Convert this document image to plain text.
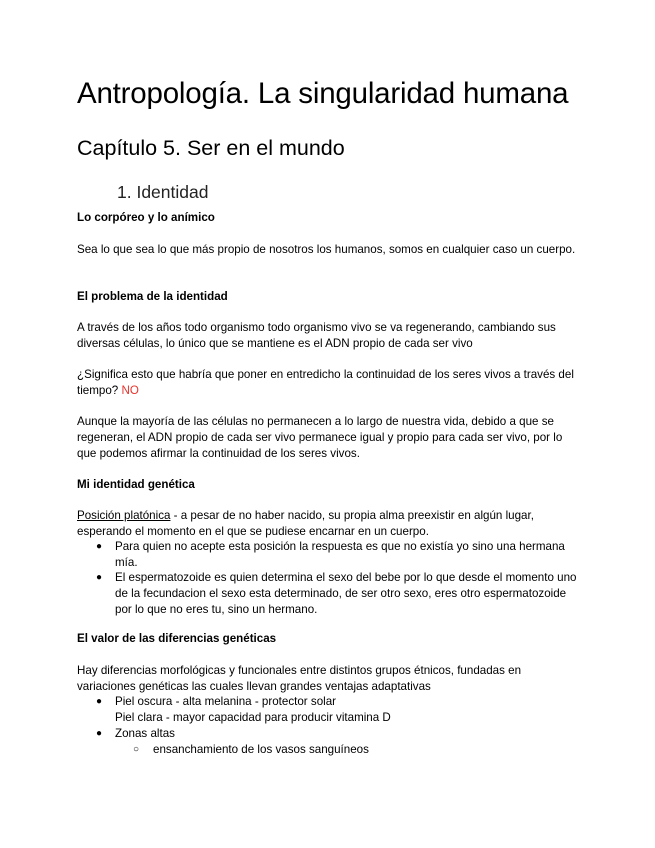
Antropología. La singularidad humana
Capítulo 5. Ser en el mundo
1. Identidad
Lo corpóreo y lo anímico

Sea lo que sea lo que más propio de nosotros los humanos, somos en cualquier caso un cuerpo.

El problema de la identidad

A través de los años todo organismo todo organismo vivo se va regenerando, cambiando sus diversas células, lo único que se mantiene es el ADN propio de cada ser vivo

¿Significa esto que habría que poner en entredicho la continuidad de los seres vivos a través del tiempo? NO

Aunque la mayoría de las células no permanecen a lo largo de nuestra vida, debido a que se regeneran, el ADN propio de cada ser vivo permanece igual y propio para cada ser vivo, por lo que podemos afirmar la continuidad de los seres vivos.

Mi identidad genética

Posición platónica - a pesar de no haber nacido, su propia alma preexistir en algún lugar, esperando el momento en el que se pudiese encarnar en un cuerpo.

● Para quien no acepte esta posición la respuesta es que no existía yo sino una hermana mía.
● El espermatozoide es quien determina el sexo del bebe por lo que desde el momento uno de la fecundacion el sexo esta determinado, de ser otro sexo, eres otro espermatozoide por lo que no eres tu, sino un hermano.
El valor de las diferencias genéticas

Hay diferencias morfológicas y funcionales entre distintos grupos étnicos, fundadas en variaciones genéticas las cuales llevan grandes ventajas adaptativas

● Piel oscura - alta melanina - protector solar
Piel clara - mayor capacidad para producir vitamina D
● Zonas altas
○ ensanchamiento de los vasos sanguíneos
